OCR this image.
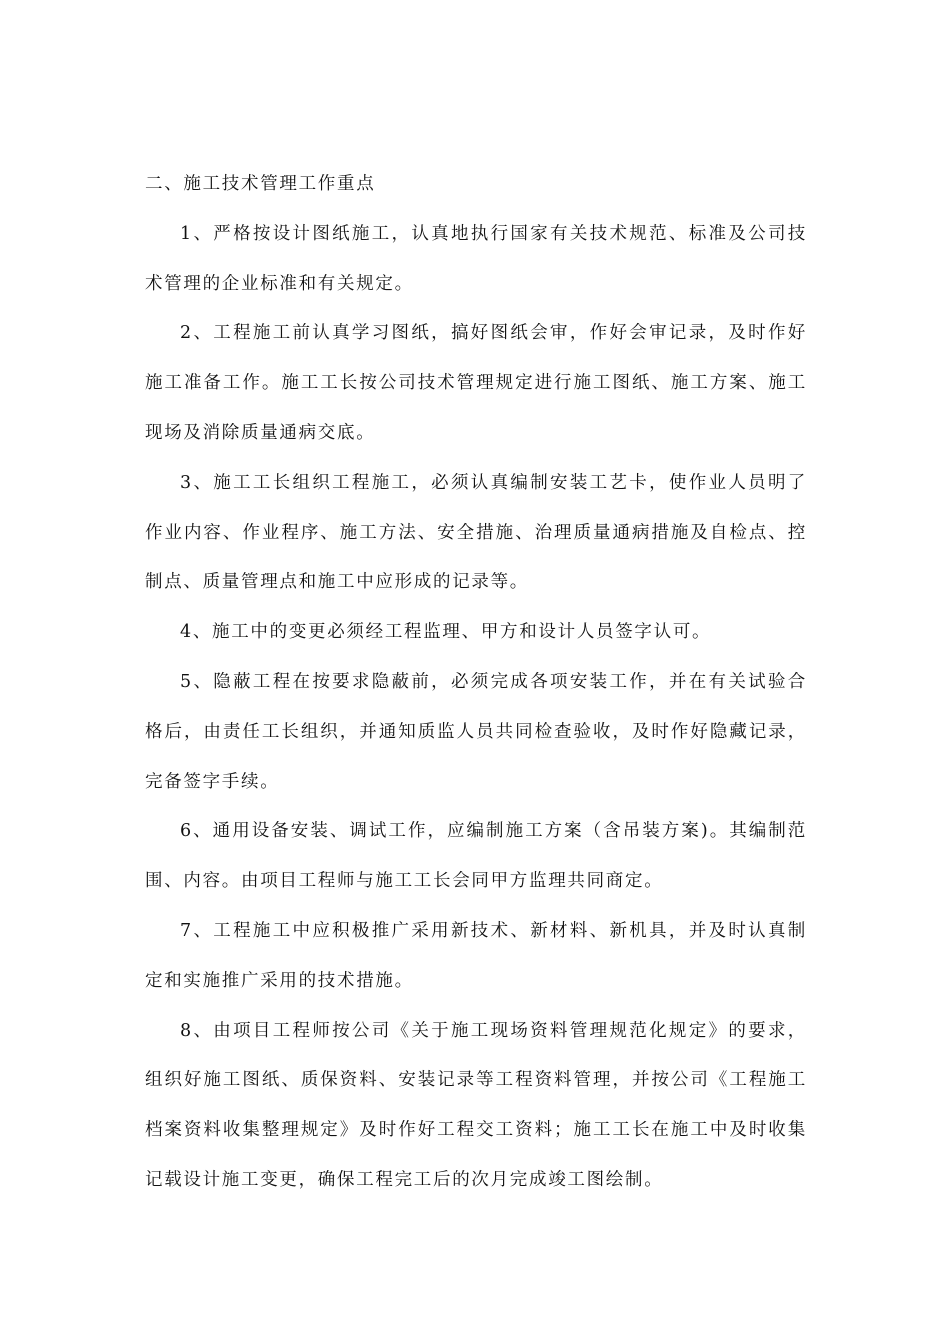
二、施工技术管理工作重点

1、严格按设计图纸施工，认真地执行国家有关技术规范、标准及公司技术管理的企业标准和有关规定。

2、工程施工前认真学习图纸，搞好图纸会审，作好会审记录，及时作好施工准备工作。施工工长按公司技术管理规定进行施工图纸、施工方案、施工现场及消除质量通病交底。

3、施工工长组织工程施工，必须认真编制安装工艺卡，使作业人员明了作业内容、作业程序、施工方法、安全措施、治理质量通病措施及自检点、控制点、质量管理点和施工中应形成的记录等。

4、施工中的变更必须经工程监理、甲方和设计人员签字认可。

5、隐蔽工程在按要求隐蔽前，必须完成各项安装工作，并在有关试验合格后，由责任工长组织，并通知质监人员共同检查验收，及时作好隐藏记录，完备签字手续。

6、通用设备安装、调试工作，应编制施工方案（含吊装方案)。其编制范围、内容。由项目工程师与施工工长会同甲方监理共同商定。

7、工程施工中应积极推广采用新技术、新材料、新机具，并及时认真制定和实施推广采用的技术措施。

8、由项目工程师按公司《关于施工现场资料管理规范化规定》的要求，组织好施工图纸、质保资料、安装记录等工程资料管理，并按公司《工程施工档案资料收集整理规定》及时作好工程交工资料；施工工长在施工中及时收集记载设计施工变更，确保工程完工后的次月完成竣工图绘制。
